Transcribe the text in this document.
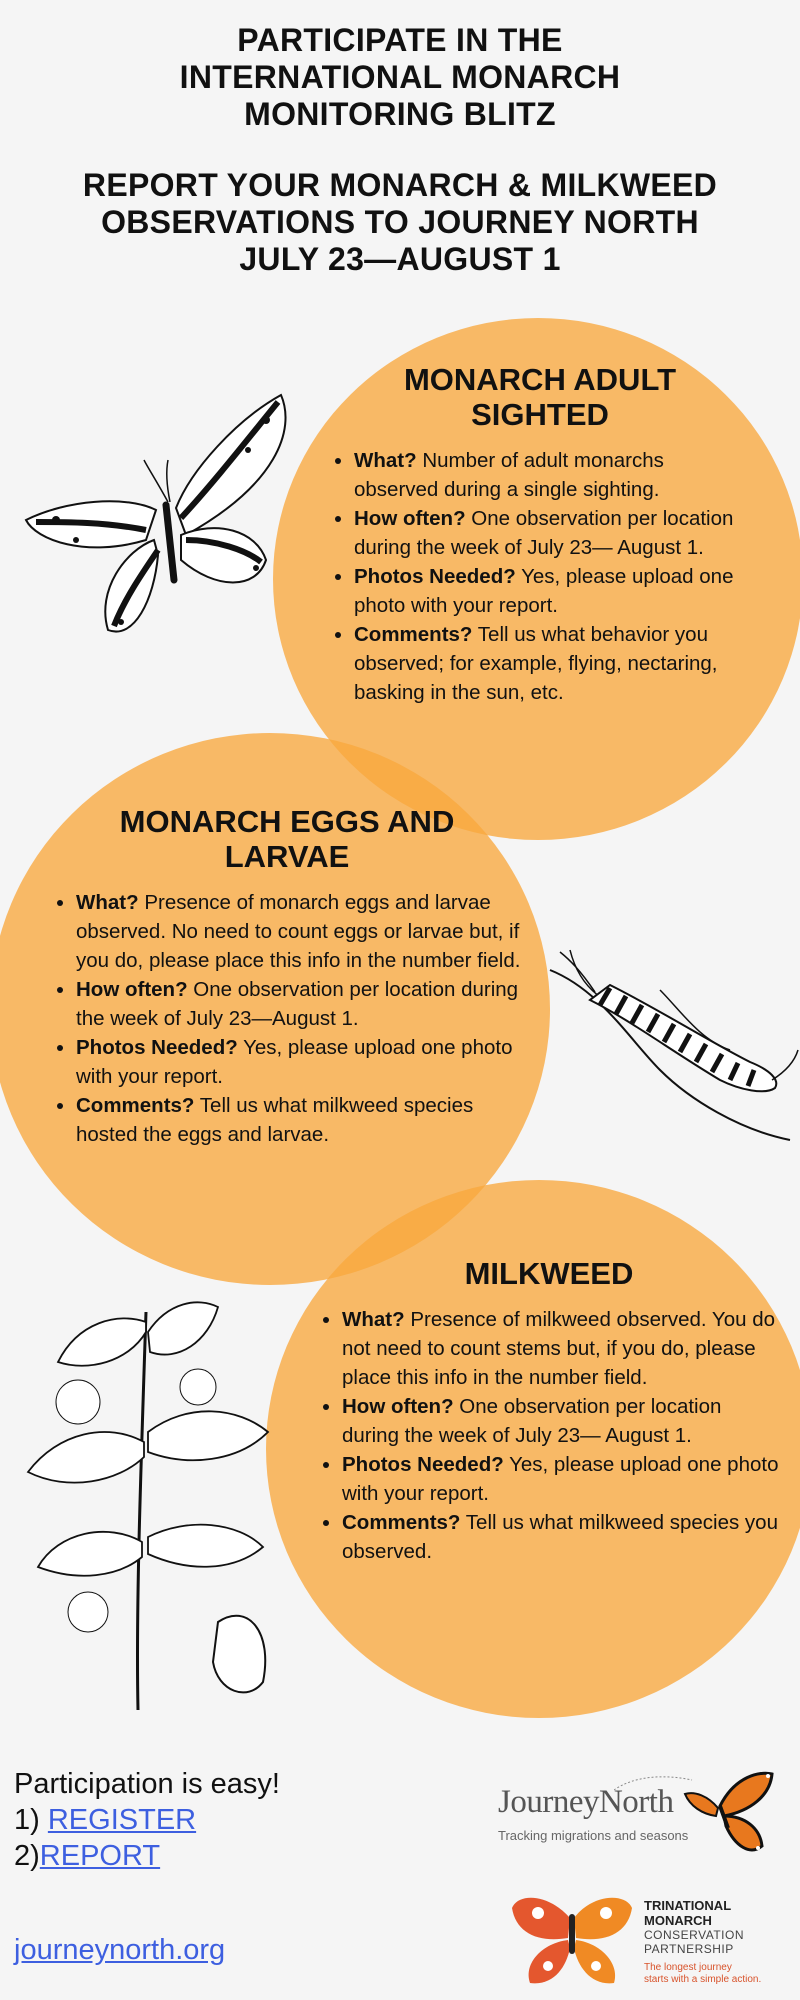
PARTICIPATE IN THE
INTERNATIONAL MONARCH
MONITORING BLITZ
REPORT YOUR MONARCH & MILKWEED
OBSERVATIONS TO JOURNEY NORTH
JULY 23—AUGUST 1
MONARCH ADULT
SIGHTED
• What? Number of adult monarchs observed during a single sighting.
• How often? One observation per location during the week of July 23— August 1.
• Photos Needed? Yes, please upload one photo with your report.
• Comments? Tell us what behavior you observed; for example, flying, nectaring, basking in the sun, etc.
MONARCH EGGS AND
LARVAE
• What? Presence of monarch eggs and larvae observed. No need to count eggs or larvae but, if you do, please place this info in the number field.
• How often? One observation per location during the week of July 23—August 1.
• Photos Needed? Yes, please upload one photo with your report.
• Comments? Tell us what milkweed species hosted the eggs and larvae.
MILKWEED
• What? Presence of milkweed observed. You do not need to count stems but, if you do, please place this info in the number field.
• How often? One observation per location during the week of July 23— August 1.
• Photos Needed? Yes, please upload one photo with your report.
• Comments? Tell us what milkweed species you observed.
Participation is easy!
1) REGISTER
2)REPORT
journeynorth.org
JourneyNorth
Tracking migrations and seasons
TRINATIONAL
MONARCH
CONSERVATION
PARTNERSHIP
The longest journey
starts with a simple action.
